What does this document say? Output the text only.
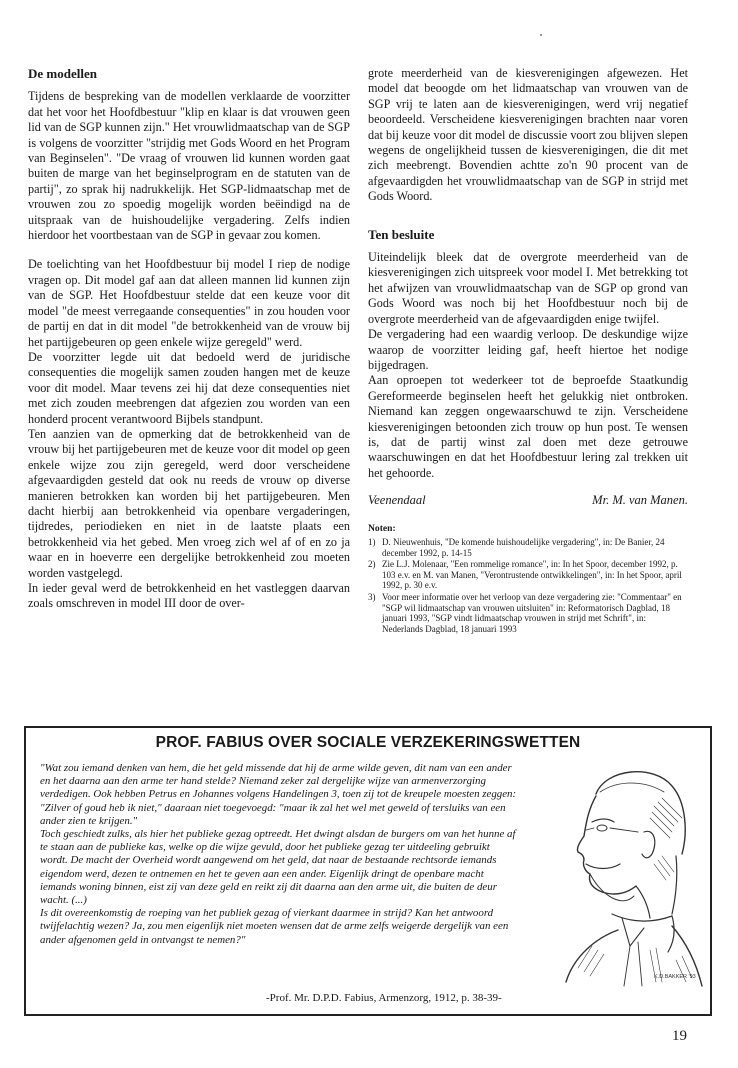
De modellen

Tijdens de bespreking van de modellen verklaarde de voorzitter dat het voor het Hoofdbestuur "klip en klaar is dat vrouwen geen lid van de SGP kunnen zijn." Het vrouwlidmaatschap van de SGP is volgens de voorzitter "strijdig met Gods Woord en het Program van Beginselen". "De vraag of vrouwen lid kunnen worden gaat buiten de marge van het beginselprogram en de statuten van de partij", zo sprak hij nadrukkelijk. Het SGP-lidmaatschap met de vrouwen zou zo spoedig mogelijk worden beëindigd na de uitspraak van de huishoudelijke vergadering. Zelfs indien hierdoor het voortbestaan van de SGP in gevaar zou komen.

De toelichting van het Hoofdbestuur bij model I riep de nodige vragen op. Dit model gaf aan dat alleen mannen lid kunnen zijn van de SGP. Het Hoofdbestuur stelde dat een keuze voor dit model "de meest verregaande consequenties" in zou houden voor de partij en dat in dit model "de betrokkenheid van de vrouw bij het partijgebeuren op geen enkele wijze geregeld" werd.

De voorzitter legde uit dat bedoeld werd de juridische consequenties die mogelijk samen zouden hangen met de keuze voor dit model. Maar tevens zei hij dat deze consequenties niet met zich zouden meebrengen dat afgezien zou worden van een honderd procent verantwoord Bijbels standpunt.

Ten aanzien van de opmerking dat de betrokkenheid van de vrouw bij het partijgebeuren met de keuze voor dit model op geen enkele wijze zou zijn geregeld, werd door verscheidene afgevaardigden gesteld dat ook nu reeds de vrouw op diverse manieren betrokken kan worden bij het partijgebeuren. Men dacht hierbij aan betrokkenheid via openbare vergaderingen, tijdredes, periodieken en niet in de laatste plaats een betrokkenheid via het gebed. Men vroeg zich wel af of en zo ja waar en in hoeverre een dergelijke betrokkenheid zou moeten worden vastgelegd.

In ieder geval werd de betrokkenheid en het vastleggen daarvan zoals omschreven in model III door de over-

grote meerderheid van de kiesverenigingen afgewezen. Het model dat beoogde om het lidmaatschap van vrouwen van de SGP vrij te laten aan de kiesverenigingen, werd vrij negatief beoordeeld. Verscheidene kiesverenigingen brachten naar voren dat bij keuze voor dit model de discussie voort zou blijven slepen wegens de ongelijkheid tussen de kiesverenigingen, die dit met zich meebrengt. Bovendien achtte zo'n 90 procent van de afgevaardigden het vrouwlidmaatschap van de SGP in strijd met Gods Woord.

Ten besluite

Uiteindelijk bleek dat de overgrote meerderheid van de kiesverenigingen zich uitspreek voor model I. Met betrekking tot het afwijzen van vrouwlidmaatschap van de SGP op grond van Gods Woord was noch bij het Hoofdbestuur noch bij de overgrote meerderheid van de afgevaardigden enige twijfel.

De vergadering had een waardig verloop. De deskundige wijze waarop de voorzitter leiding gaf, heeft hiertoe het nodige bijgedragen.

Aan oproepen tot wederkeer tot de beproefde Staatkundig Gereformeerde beginselen heeft het gelukkig niet ontbroken. Niemand kan zeggen ongewaarschuwd te zijn. Verscheidene kiesverenigingen betoonden zich trouw op hun post. Te wensen is, dat de partij winst zal doen met deze getrouwe waarschuwingen en dat het Hoofdbestuur lering zal trekken uit het gehoorde.

Veenendaal	Mr. M. van Manen.
Noten:
1) D. Nieuwenhuis, "De komende huishoudelijke vergadering", in: De Banier, 24 december 1992, p. 14-15
2) Zie L.J. Molenaar, "Een rommelige romance", in: In het Spoor, december 1992, p. 103 e.v. en M. van Manen, "Verontrustende ontwikkelingen", in: In het Spoor, april 1992, p. 30 e.v.
3) Voor meer informatie over het verloop van deze vergadering zie: "Commentaar" en "SGP wil lidmaatschap van vrouwen uitsluiten" in: Reformatorisch Dagblad, 18 januari 1993, "SGP vindt lidmaatschap vrouwen in strijd met Schrift", in: Nederlands Dagblad, 18 januari 1993
PROF. FABIUS OVER SOCIALE VERZEKERINGSWETTEN

"Wat zou iemand denken van hem, die het geld missende dat hij de arme wilde geven, dit nam van een ander en het daarna aan den arme ter hand stelde? Niemand zeker zal dergelijke wijze van armenverzorging verdedigen. Ook hebben Petrus en Johannes volgens Handelingen 3, toen zij tot de kreupele moesten zeggen: "Zilver of goud heb ik niet," daaraan niet toegevoegd: "maar ik zal het wel met geweld of tersluiks van een ander zien te krijgen."

Toch geschiedt zulks, als hier het publieke gezag optreedt. Het dwingt alsdan de burgers om van het hunne af te staan aan de publieke kas, welke op die wijze gevuld, door het publieke gezag ter uitdeeling gebruikt wordt. De macht der Overheid wordt aangewend om het geld, dat naar de bestaande rechtsorde iemands eigendom werd, dezen te ontnemen en het te geven aan een ander. Eigenlijk dringt de openbare macht iemands woning binnen, eist zij van deze geld en reikt zij dit daarna aan den arme uit, die buiten de deur wacht. (...)

Is dit overeenkomstig de roeping van het publiek gezag of vierkant daarmee in strijd? Kan het antwoord twijfelachtig wezen? Ja, zou men eigenlijk niet moeten wensen dat de arme zelfs weigerde dergelijk van een ander afgenomen geld in ontvangst te nemen?"

-Prof. Mr. D.P.D. Fabius, Armenzorg, 1912, p. 38-39-
K.D.BAKKER '93
19
